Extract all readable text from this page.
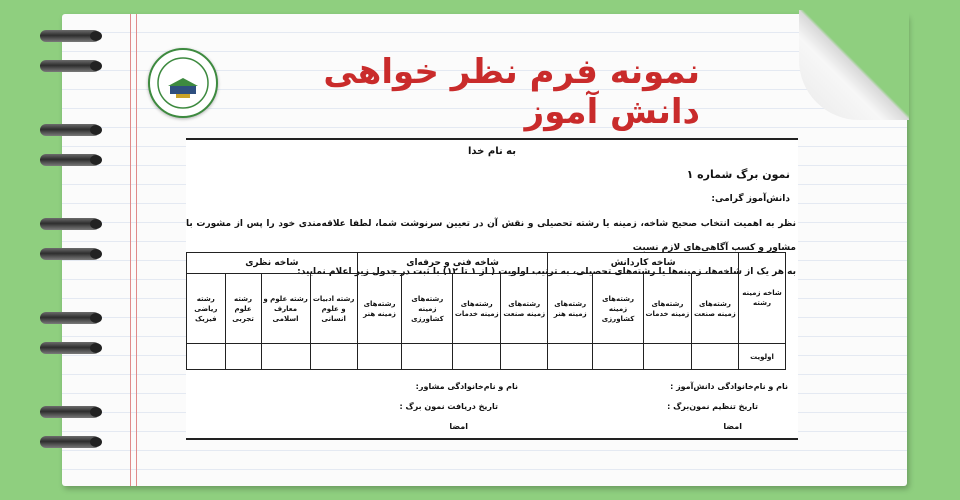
نمونه فرم نظر خواهی دانش آموز
به نام خدا
نمون برگ شماره ۱
دانش‌آموز گرامی:
نظر به اهمیت انتخاب صحیح شاخه، زمینه یا رشته تحصیلی و نقش آن در تعیین سرنوشت شما، لطفا علاقه‌مندی خود را پس از مشورت با مشاور و کسب آگاهی‌های لازم نسبت
به هر یک از شاخه‌ها، زمینه‌ها یا رشته‌های تحصیلی، به ترتیب اولویت ( از ۱ تا ۱۲) با ثبت در جدول زیر اعلام نمایید:
شاخه زمینه رشته	شاخه کاردانش				شاخه فنی و حرفه‌ای				شاخه نظری			
	رشته‌های زمینه صنعت	رشته‌های زمینه خدمات	رشته‌های زمینه کشاورزی	رشته‌های زمینه هنر	رشته‌های زمینه صنعت	رشته‌های زمینه خدمات	رشته‌های زمینه کشاورزی	رشته‌های زمینه هنر	رشته ادبیات و علوم انسانی	رشته علوم و معارف اسلامی	رشته علوم تجربی	رشته ریاضی فیزیک
اولویت												
نام و نام‌خانوادگی دانش‌آموز :
تاریخ تنظیم نمون‌برگ :
امضا
نام و نام‌خانوادگی مشاور:
تاریخ دریافت نمون برگ :
امضا
